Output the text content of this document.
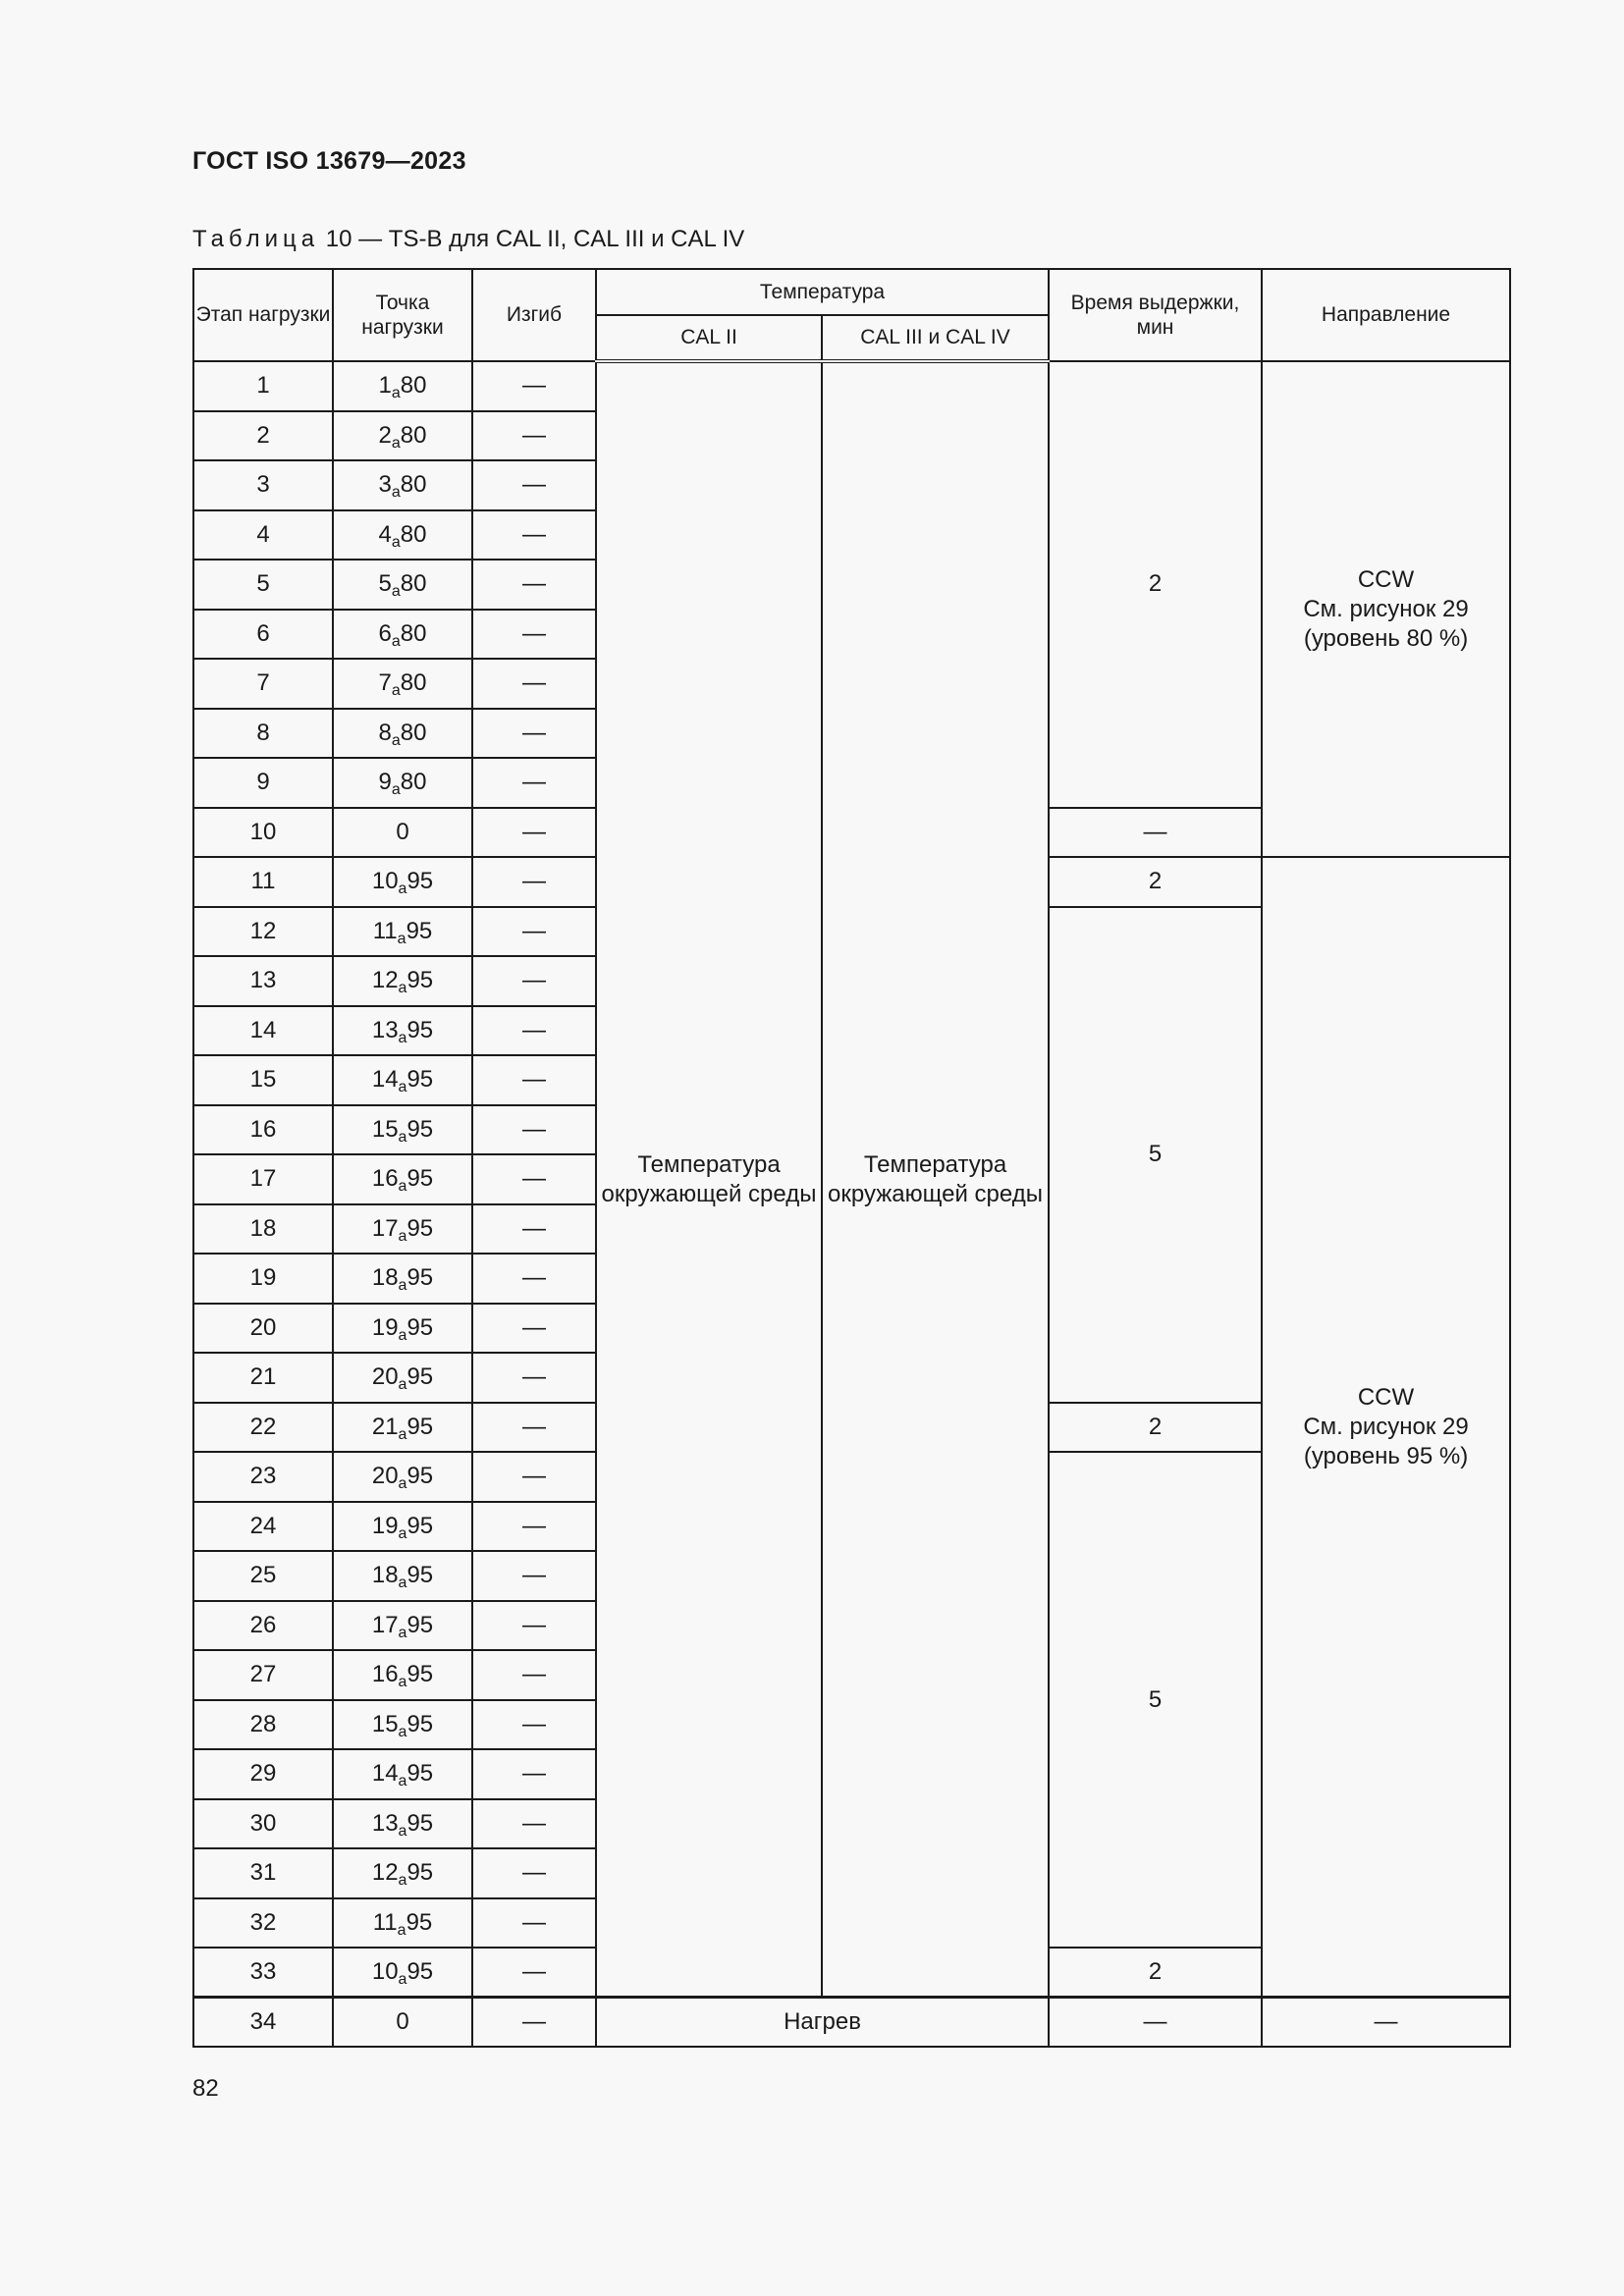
ГОСТ ISO 13679—2023
Таблица 10 — TS-B для CAL II, CAL III и CAL IV
Этап нагрузки	Точка нагрузки	Изгиб	Температура		Время выдержки, мин	Направление
			CAL II	CAL III и CAL IV		
1	$1_a80$	—	Температура окружающей среды	Температура окружающей среды	2	CCW
См. рисунок 29
(уровень 80 %)

2	$2_a80$	—				
3	$3_a80$	—				
4	$4_a80$	—				
5	$5_a80$	—				
6	$6_a80$	—				
7	$7_a80$	—				
8	$8_a80$	—				
9	$9_a80$	—				
10	0	—			—	
11	$10_a95$	—			2	CCW
См. рисунок 29
(уровень 95 %)

12	$11_a95$	—			5	
13	$12_a95$	—				
14	$13_a95$	—				
15	$14_a95$	—				
16	$15_a95$	—				
17	$16_a95$	—				
18	$17_a95$	—				
19	$18_a95$	—				
20	$19_a95$	—				
21	$20_a95$	—				
22	$21_a95$	—			2	
23	$20_a95$	—			5	
24	$19_a95$	—				
25	$18_a95$	—				
26	$17_a95$	—				
27	$16_a95$	—				
28	$15_a95$	—				
29	$14_a95$	—				
30	$13_a95$	—				
31	$12_a95$	—				
32	$11_a95$	—				
33	$10_a95$	—			2	
34	0	—	Нагрев		—	—
82
